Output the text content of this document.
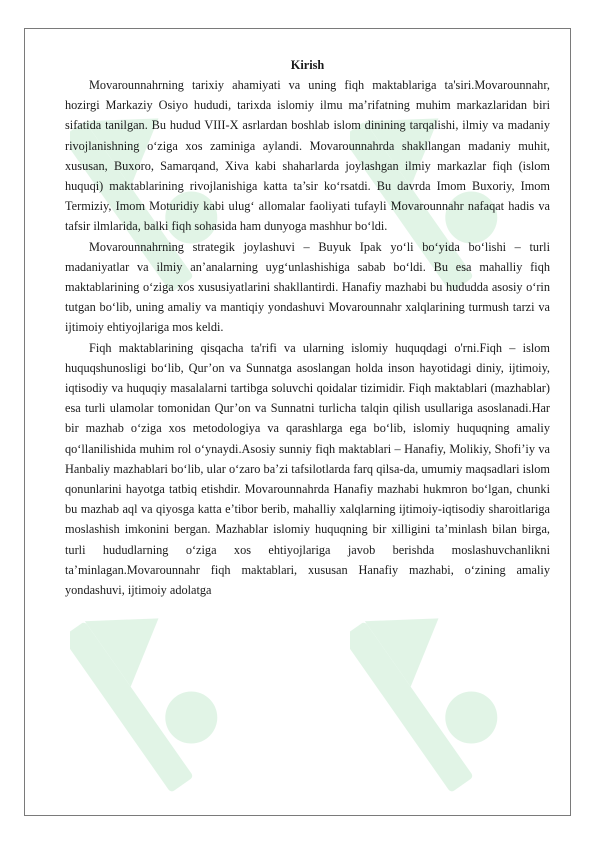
Kirish

Movarounnahrning tarixiy ahamiyati va uning fiqh maktablariga ta'siri.Movarounnahr, hozirgi Markaziy Osiyo hududi, tarixda islomiy ilmu ma’rifatning muhim markazlaridan biri sifatida tanilgan. Bu hudud VIII-X asrlardan boshlab islom dinining tarqalishi, ilmiy va madaniy rivojlanishning o‘ziga xos zaminiga aylandi. Movarounnahrda shakllangan madaniy muhit, xususan, Buxoro, Samarqand, Xiva kabi shaharlarda joylashgan ilmiy markazlar fiqh (islom huquqi) maktablarining rivojlanishiga katta ta’sir ko‘rsatdi. Bu davrda Imom Buxoriy, Imom Termiziy, Imom Moturidiy kabi ulug‘ allomalar faoliyati tufayli Movarounnahr nafaqat hadis va tafsir ilmlarida, balki fiqh sohasida ham dunyoga mashhur bo‘ldi.

Movarounnahrning strategik joylashuvi – Buyuk Ipak yo‘li bo‘yida bo‘lishi – turli madaniyatlar va ilmiy an’analarning uyg‘unlashishiga sabab bo‘ldi. Bu esa mahalliy fiqh maktablarining o‘ziga xos xususiyatlarini shakllantirdi. Hanafiy mazhabi bu hududda asosiy o‘rin tutgan bo‘lib, uning amaliy va mantiqiy yondashuvi Movarounnahr xalqlarining turmush tarzi va ijtimoiy ehtiyojlariga mos keldi.

Fiqh maktablarining qisqacha ta'rifi va ularning islomiy huquqdagi o'rni.Fiqh – islom huquqshunosligi bo‘lib, Qur’on va Sunnatga asoslangan holda inson hayotidagi diniy, ijtimoiy, iqtisodiy va huquqiy masalalarni tartibga soluvchi qoidalar tizimidir. Fiqh maktablari (mazhablar) esa turli ulamolar tomonidan Qur’on va Sunnatni turlicha talqin qilish usullariga asoslanadi.Har bir mazhab o‘ziga xos metodologiya va qarashlarga ega bo‘lib, islomiy huquqning amaliy qo‘llanilishida muhim rol o‘ynaydi.Asosiy sunniy fiqh maktablari – Hanafiy, Molikiy, Shofi’iy va Hanbaliy mazhablari bo‘lib, ular o‘zaro ba’zi tafsilotlarda farq qilsa-da, umumiy maqsadlari islom qonunlarini hayotga tatbiq etishdir. Movarounnahrda Hanafiy mazhabi hukmron bo‘lgan, chunki bu mazhab aql va qiyosga katta e’tibor berib, mahalliy xalqlarning ijtimoiy-iqtisodiy sharoitlariga moslashish imkonini bergan. Mazhablar islomiy huquqning bir xilligini ta’minlash bilan birga, turli hududlarning o‘ziga xos ehtiyojlariga javob berishda moslashuvchanlikni ta’minlagan.Movarounnahr fiqh maktablari, xususan Hanafiy mazhabi, o‘zining amaliy yondashuvi, ijtimoiy adolatga
